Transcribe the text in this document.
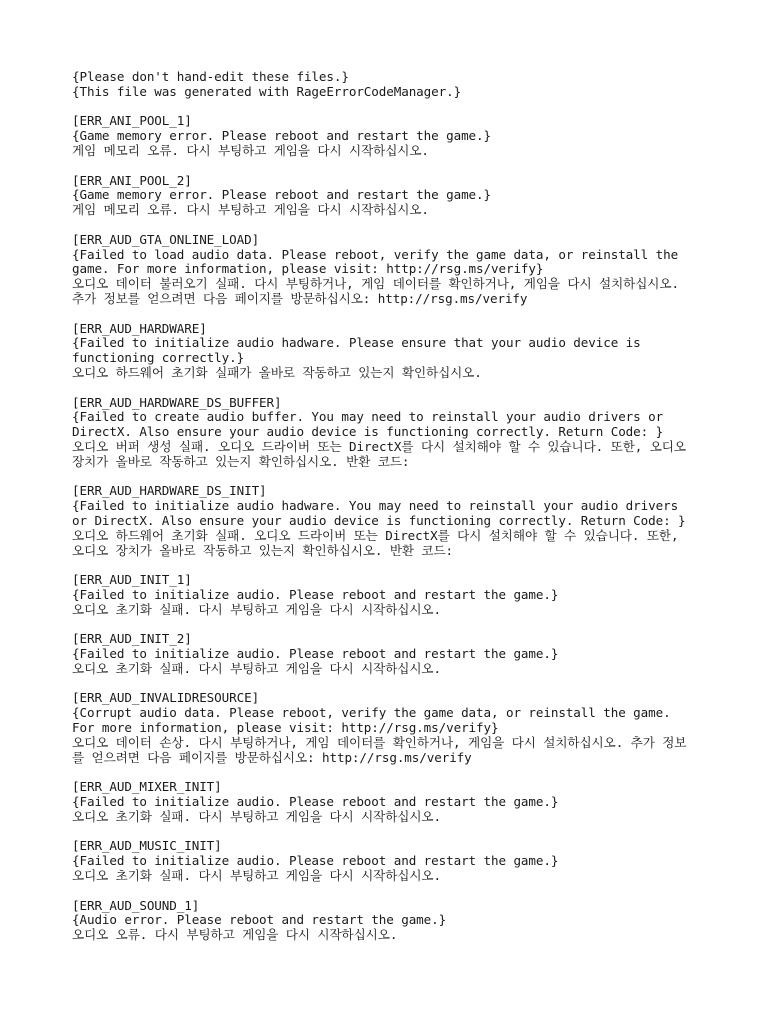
{Please don't hand-edit these files.}
{This file was generated with RageErrorCodeManager.}
[ERR_ANI_POOL_1]
{Game memory error. Please reboot and restart the game.}
게임 메모리 오류. 다시 부팅하고 게임을 다시 시작하십시오.
[ERR_ANI_POOL_2]
{Game memory error. Please reboot and restart the game.}
게임 메모리 오류. 다시 부팅하고 게임을 다시 시작하십시오.
[ERR_AUD_GTA_ONLINE_LOAD]
{Failed to load audio data. Please reboot, verify the game data, or reinstall the
game. For more information, please visit: http://rsg.ms/verify}
오디오 데이터 불러오기 실패. 다시 부팅하거나, 게임 데이터를 확인하거나, 게임을 다시 설치하십시오.
추가 정보를 얻으려면 다음 페이지를 방문하십시오: http://rsg.ms/verify
[ERR_AUD_HARDWARE]
{Failed to initialize audio hadware. Please ensure that your audio device is
functioning correctly.}
오디오 하드웨어 초기화 실패가 올바로 작동하고 있는지 확인하십시오.
[ERR_AUD_HARDWARE_DS_BUFFER]
{Failed to create audio buffer. You may need to reinstall your audio drivers or
DirectX. Also ensure your audio device is functioning correctly. Return Code: }
오디오 버퍼 생성 실패. 오디오 드라이버 또는 DirectX를 다시 설치해야 할 수 있습니다. 또한, 오디오
장치가 올바로 작동하고 있는지 확인하십시오. 반환 코드:
[ERR_AUD_HARDWARE_DS_INIT]
{Failed to initialize audio hadware. You may need to reinstall your audio drivers
or DirectX. Also ensure your audio device is functioning correctly. Return Code: }
오디오 하드웨어 초기화 실패. 오디오 드라이버 또는 DirectX를 다시 설치해야 할 수 있습니다. 또한,
오디오 장치가 올바로 작동하고 있는지 확인하십시오. 반환 코드:
[ERR_AUD_INIT_1]
{Failed to initialize audio. Please reboot and restart the game.}
오디오 초기화 실패. 다시 부팅하고 게임을 다시 시작하십시오.
[ERR_AUD_INIT_2]
{Failed to initialize audio. Please reboot and restart the game.}
오디오 초기화 실패. 다시 부팅하고 게임을 다시 시작하십시오.
[ERR_AUD_INVALIDRESOURCE]
{Corrupt audio data. Please reboot, verify the game data, or reinstall the game.
For more information, please visit: http://rsg.ms/verify}
오디오 데이터 손상. 다시 부팅하거나, 게임 데이터를 확인하거나, 게임을 다시 설치하십시오. 추가 정보
를 얻으려면 다음 페이지를 방문하십시오: http://rsg.ms/verify
[ERR_AUD_MIXER_INIT]
{Failed to initialize audio. Please reboot and restart the game.}
오디오 초기화 실패. 다시 부팅하고 게임을 다시 시작하십시오.
[ERR_AUD_MUSIC_INIT]
{Failed to initialize audio. Please reboot and restart the game.}
오디오 초기화 실패. 다시 부팅하고 게임을 다시 시작하십시오.
[ERR_AUD_SOUND_1]
{Audio error. Please reboot and restart the game.}
오디오 오류. 다시 부팅하고 게임을 다시 시작하십시오.
